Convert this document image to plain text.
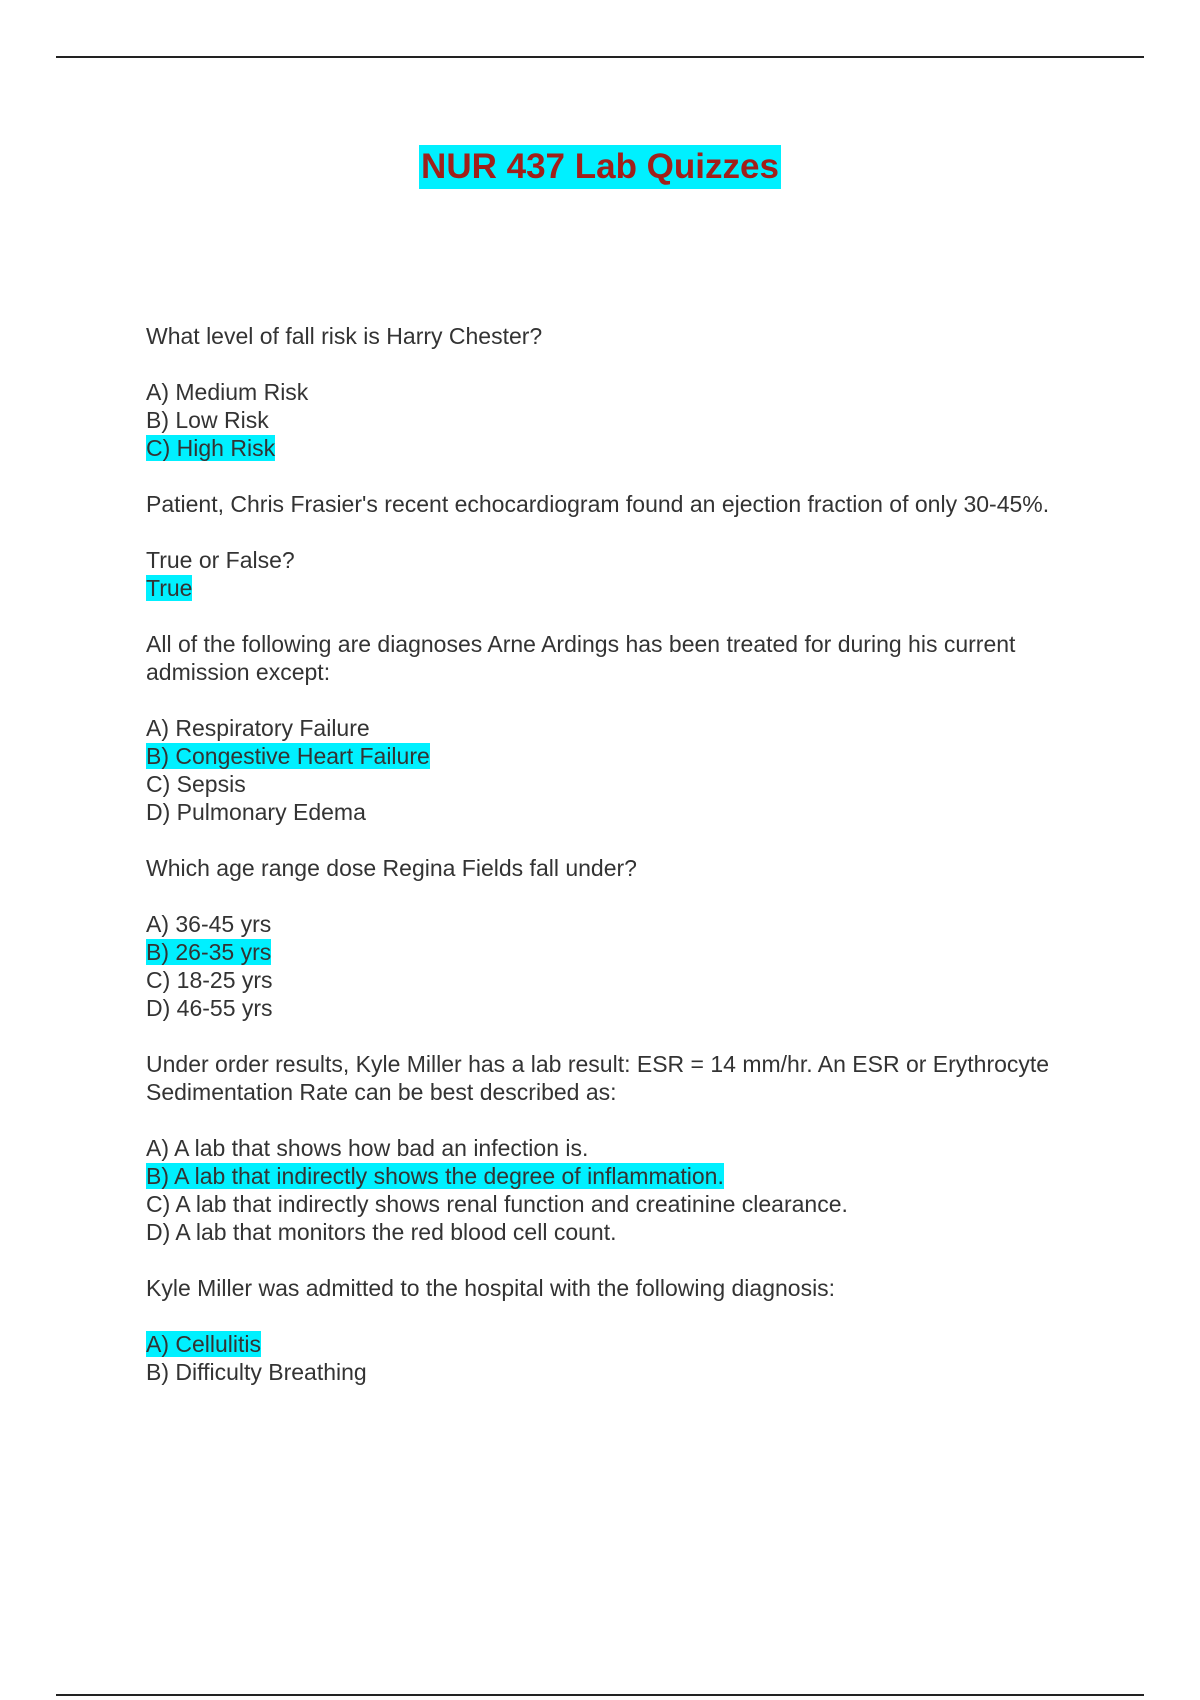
NUR 437 Lab Quizzes

What level of fall risk is Harry Chester?

A) Medium Risk
B) Low Risk
C) High Risk

Patient, Chris Frasier's recent echocardiogram found an ejection fraction of only 30-45%.

True or False?

True

All of the following are diagnoses Arne Ardings has been treated for during his current admission except:

A) Respiratory Failure
B) Congestive Heart Failure
C) Sepsis
D) Pulmonary Edema

Which age range dose Regina Fields fall under?

A) 36-45 yrs
B) 26-35 yrs
C) 18-25 yrs
D) 46-55 yrs

Under order results, Kyle Miller has a lab result: ESR = 14 mm/hr. An ESR or Erythrocyte Sedimentation Rate can be best described as:

A) A lab that shows how bad an infection is.
B) A lab that indirectly shows the degree of inflammation.
C) A lab that indirectly shows renal function and creatinine clearance.
D) A lab that monitors the red blood cell count.

Kyle Miller was admitted to the hospital with the following diagnosis:

A) Cellulitis
B) Difficulty Breathing
